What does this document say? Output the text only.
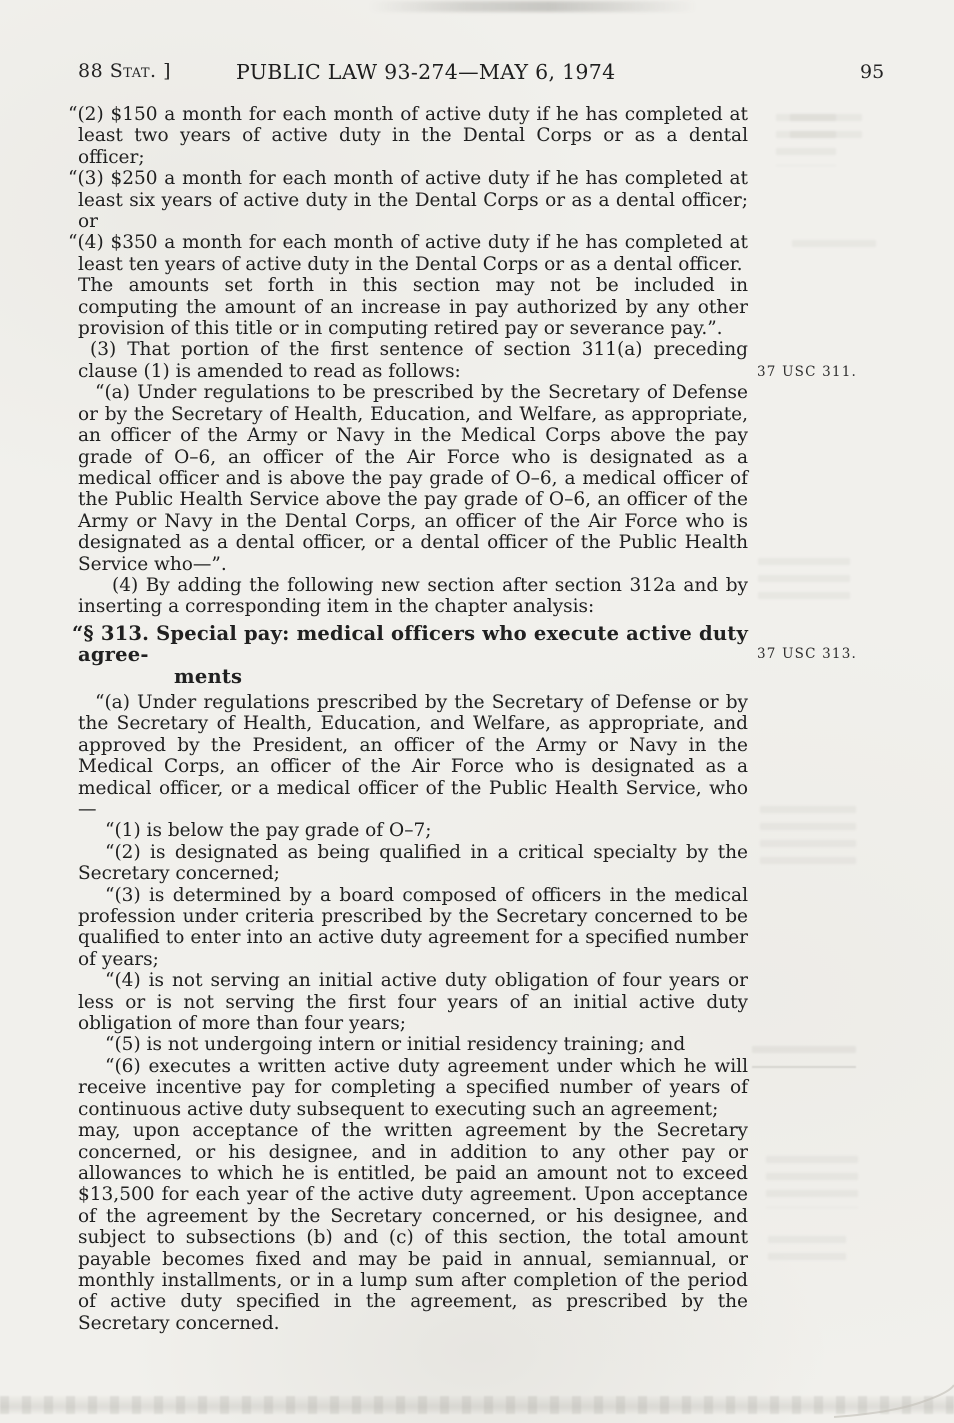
88 Stat. ]	PUBLIC LAW 93-274—MAY 6, 1974	95

“(2) $150 a month for each month of active duty if he has completed at least two years of active duty in the Dental Corps or as a dental officer;

“(3) $250 a month for each month of active duty if he has completed at least six years of active duty in the Dental Corps or as a dental officer; or

“(4) $350 a month for each month of active duty if he has completed at least ten years of active duty in the Dental Corps or as a dental officer.

The amounts set forth in this section may not be included in computing the amount of an increase in pay authorized by any other provision of this title or in computing retired pay or severance pay.”.

(3) That portion of the first sentence of section 311(a) preceding clause (1) is amended to read as follows:

“(a) Under regulations to be prescribed by the Secretary of Defense or by the Secretary of Health, Education, and Welfare, as appropriate, an officer of the Army or Navy in the Medical Corps above the pay grade of O–6, an officer of the Air Force who is designated as a medical officer and is above the pay grade of O–6, a medical officer of the Public Health Service above the pay grade of O–6, an officer of the Army or Navy in the Dental Corps, an officer of the Air Force who is designated as a dental officer, or a dental officer of the Public Health Service who—”.

(4) By adding the following new section after section 312a and by inserting a corresponding item in the chapter analysis:

“§ 313. Special pay: medical officers who execute active duty agree-
ments

“(a) Under regulations prescribed by the Secretary of Defense or by the Secretary of Health, Education, and Welfare, as appropriate, and approved by the President, an officer of the Army or Navy in the Medical Corps, an officer of the Air Force who is designated as a medical officer, or a medical officer of the Public Health Service, who—

“(1) is below the pay grade of O–7;

“(2) is designated as being qualified in a critical specialty by the Secretary concerned;

“(3) is determined by a board composed of officers in the medical profession under criteria prescribed by the Secretary concerned to be qualified to enter into an active duty agreement for a specified number of years;

“(4) is not serving an initial active duty obligation of four years or less or is not serving the first four years of an initial active duty obligation of more than four years;

“(5) is not undergoing intern or initial residency training; and

“(6) executes a written active duty agreement under which he will receive incentive pay for completing a specified number of years of continuous active duty subsequent to executing such an agreement;

may, upon acceptance of the written agreement by the Secretary concerned, or his designee, and in addition to any other pay or allowances to which he is entitled, be paid an amount not to exceed $13,500 for each year of the active duty agreement. Upon acceptance of the agreement by the Secretary concerned, or his designee, and subject to subsections (b) and (c) of this section, the total amount payable becomes fixed and may be paid in annual, semiannual, or monthly installments, or in a lump sum after completion of the period of active duty specified in the agreement, as prescribed by the Secretary concerned.

37 USC 311.
37 USC 313.
